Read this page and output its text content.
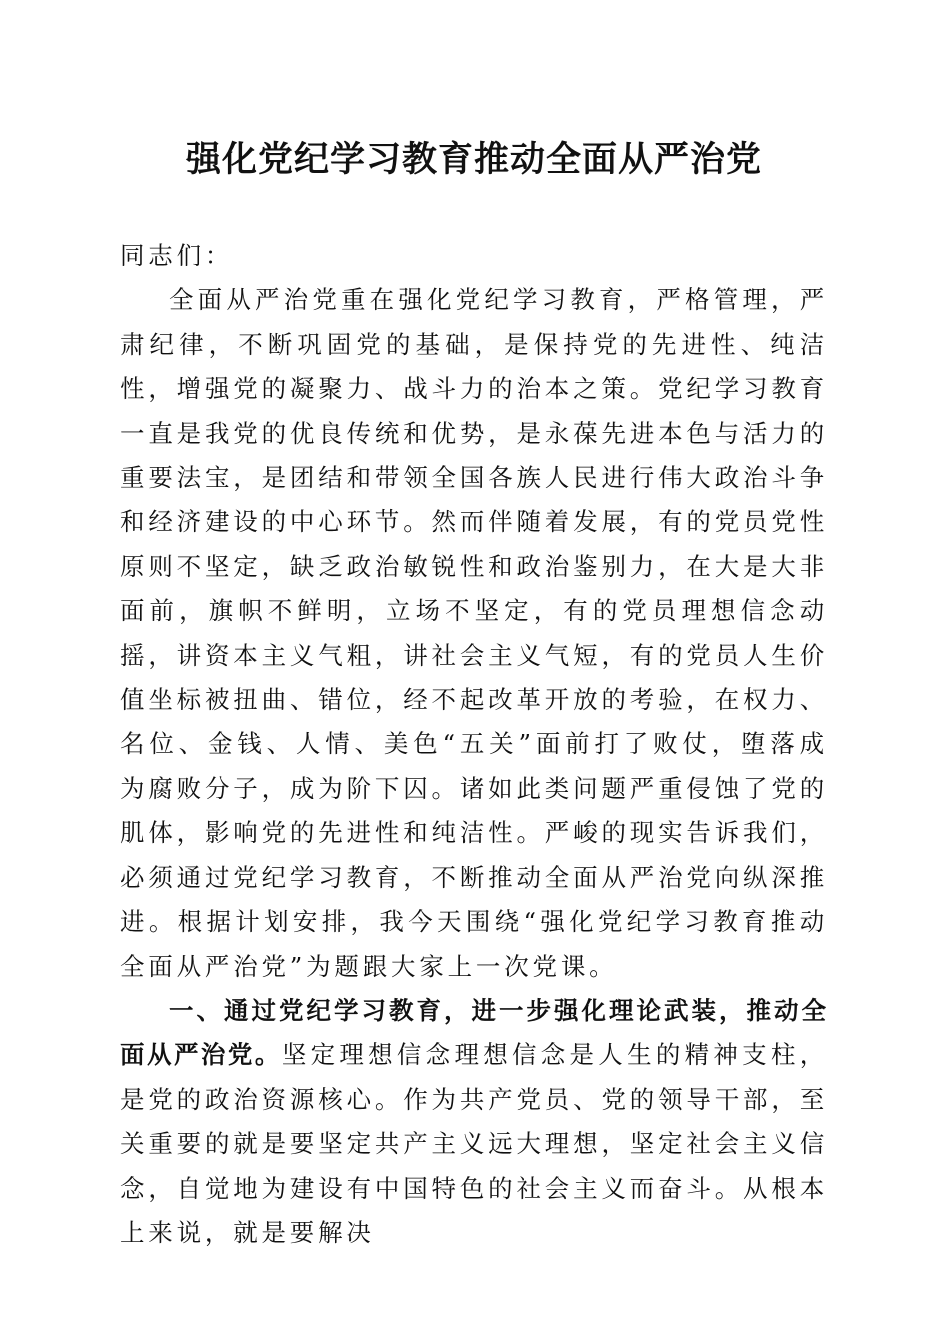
强化党纪学习教育推动全面从严治党

同志们：

全面从严治党重在强化党纪学习教育，严格管理，严肃纪律，不断巩固党的基础，是保持党的先进性、纯洁性，增强党的凝聚力、战斗力的治本之策。党纪学习教育一直是我党的优良传统和优势，是永葆先进本色与活力的重要法宝，是团结和带领全国各族人民进行伟大政治斗争和经济建设的中心环节。然而伴随着发展，有的党员党性原则不坚定，缺乏政治敏锐性和政治鉴别力，在大是大非面前，旗帜不鲜明，立场不坚定，有的党员理想信念动摇，讲资本主义气粗，讲社会主义气短，有的党员人生价值坐标被扭曲、错位，经不起改革开放的考验，在权力、名位、金钱、人情、美色“五关”面前打了败仗，堕落成为腐败分子，成为阶下囚。诸如此类问题严重侵蚀了党的肌体，影响党的先进性和纯洁性。严峻的现实告诉我们，必须通过党纪学习教育，不断推动全面从严治党向纵深推进。根据计划安排，我今天围绕“强化党纪学习教育推动全面从严治党”为题跟大家上一次党课。

一、通过党纪学习教育，进一步强化理论武装，推动全面从严治党。坚定理想信念理想信念是人生的精神支柱，是党的政治资源核心。作为共产党员、党的领导干部，至关重要的就是要坚定共产主义远大理想，坚定社会主义信念，自觉地为建设有中国特色的社会主义而奋斗。从根本上来说，就是要解决
